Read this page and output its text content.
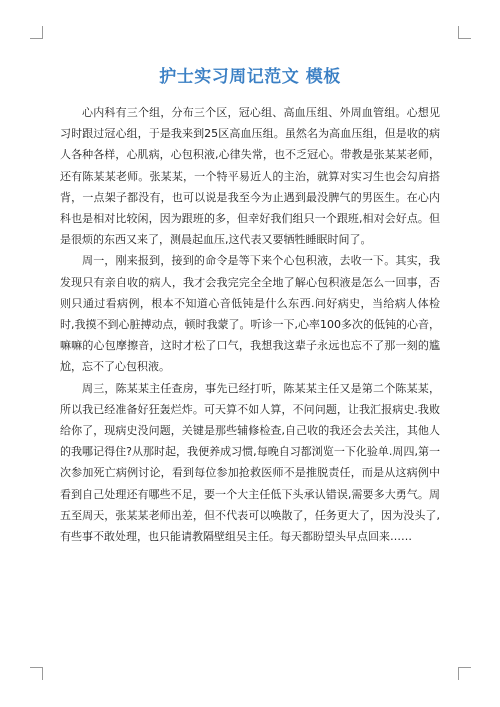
护士实习周记范文 模板

心内科有三个组，分布三个区，冠心组、高血压组、外周血管组。心想见习时跟过冠心组，于是我来到25区高血压组。虽然名为高血压组，但是收的病人各种各样，心肌病，心包积液,心律失常，也不乏冠心。带教是张某某老师，还有陈某某老师。张某某，一个特平易近人的主治，就算对实习生也会勾肩搭背，一点架子都没有，也可以说是我至今为止遇到最没脾气的男医生。在心内科也是相对比较闲，因为跟班的多，但幸好我们组只一个跟班,相对会好点。但是很烦的东西又来了，测晨起血压,这代表又要牺牲睡眠时间了。

周一，刚来报到，接到的命令是等下来个心包积液，去收一下。其实，我发现只有亲自收的病人，我才会我完完全全地了解心包积液是怎么一回事，否则只通过看病例，根本不知道心音低钝是什么东西.问好病史，当给病人体检时,我摸不到心脏搏动点，顿时我蒙了。听诊一下,心率100多次的低钝的心音，嘛嘛的心包摩擦音，这时才松了口气，我想我这辈子永远也忘不了那一刻的尴尬，忘不了心包积液。

周三，陈某某主任查房，事先已经打听，陈某某主任又是第二个陈某某，所以我已经准备好狂轰烂炸。可天算不如人算，不问问题，让我汇报病史.我败给你了，现病史没问题，关键是那些辅修检查,自己收的我还会去关注，其他人的我哪记得住?从那时起，我便养成习惯,每晚自习都浏览一下化验单.周四,第一次参加死亡病例讨论，看到每位参加抢救医师不是推脱责任，而是从这病例中看到自己处理还有哪些不足，要一个大主任低下头承认错误,需要多大勇气。周五至周天，张某某老师出差，但不代表可以唤散了，任务更大了，因为没头了,有些事不敢处理，也只能请教隔壁组吴主任。每天都盼望头早点回来……
